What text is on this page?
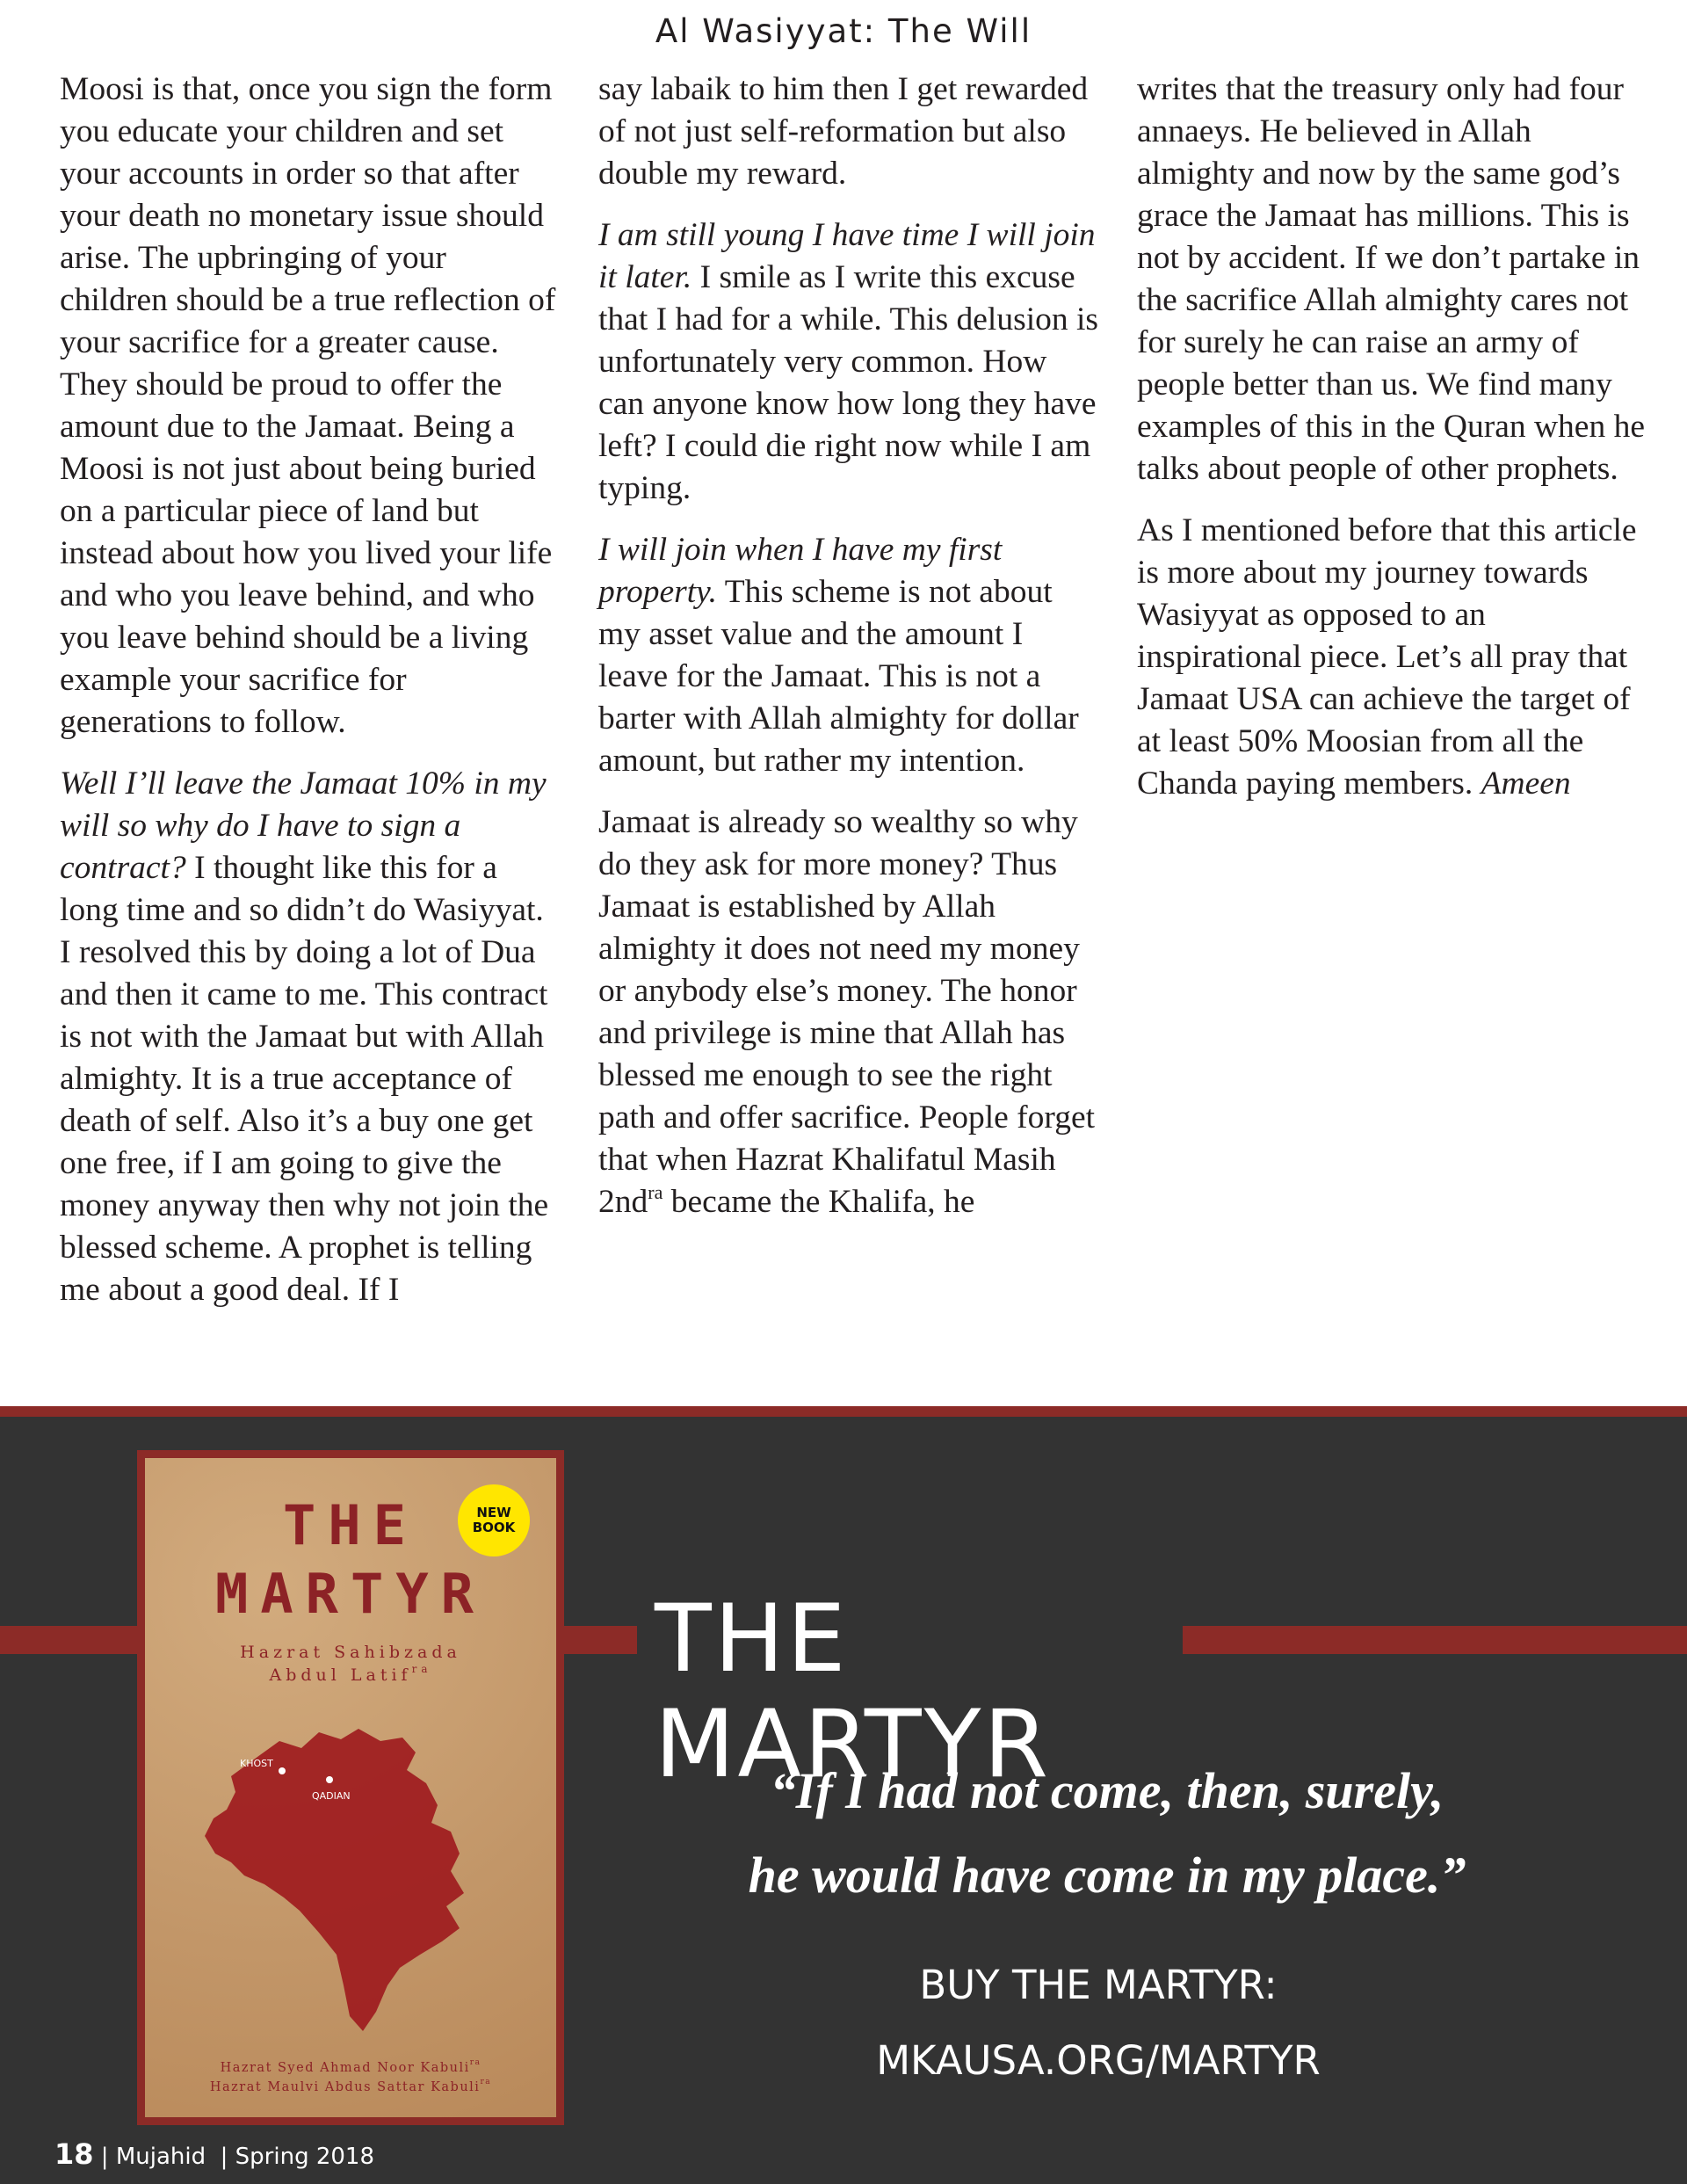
Al Wasiyyat: The Will

Moosi is that, once you sign the form you educate your children and set your accounts in order so that after your death no monetary issue should arise. The upbringing of your children should be a true reflection of your sacrifice for a greater cause. They should be proud to offer the amount due to the Jamaat. Being a Moosi is not just about being buried on a particular piece of land but instead about how you lived your life and who you leave behind, and who you leave behind should be a living example your sacrifice for generations to follow.

Well I’ll leave the Jamaat 10% in my will so why do I have to sign a contract? I thought like this for a long time and so didn’t do Wasiyyat. I resolved this by doing a lot of Dua and then it came to me. This contract is not with the Jamaat but with Allah almighty. It is a true acceptance of death of self. Also it’s a buy one get one free, if I am going to give the money anyway then why not join the blessed scheme. A prophet is telling me about a good deal. If I

say labaik to him then I get rewarded of not just self-reformation but also double my reward.

I am still young I have time I will join it later. I smile as I write this excuse that I had for a while. This delusion is unfortunately very common. How can anyone know how long they have left? I could die right now while I am typing.

I will join when I have my first property. This scheme is not about my asset value and the amount I leave for the Jamaat. This is not a barter with Allah almighty for dollar amount, but rather my intention.

Jamaat is already so wealthy so why do they ask for more money? Thus Jamaat is established by Allah almighty it does not need my money or anybody else’s money. The honor and privilege is mine that Allah has blessed me enough to see the right path and offer sacrifice. People forget that when Hazrat Khalifatul Masih $2nd^{ra}$ became the Khalifa, he

writes that the treasury only had four annaeys. He believed in Allah almighty and now by the same god’s grace the Jamaat has millions. This is not by accident. If we don’t partake in the sacrifice Allah almighty cares not for surely he can raise an army of people better than us. We find many examples of this in the Quran when he talks about people of other prophets.

As I mentioned before that this article is more about my journey towards Wasiyyat as opposed to an inspirational piece. Let’s all pray that Jamaat USA can achieve the target of at least 50% Moosian from all the Chanda paying members. Ameen

THE
MARTYR
NEW BOOK
Hazrat Sahibzada
Abdul Latif$^{ra}$
KHOST
QADIAN
Hazrat Syed Ahmad Noor Kabuli$^{ra}$
Hazrat Maulvi Abdus Sattar Kabuli$^{ra}$
THE MARTYR
“If I had not come, then, surely,
he would have come in my place.”
BUY THE MARTYR:
MKAUSA.ORG/MARTYR
18 | Mujahid  | Spring 2018
